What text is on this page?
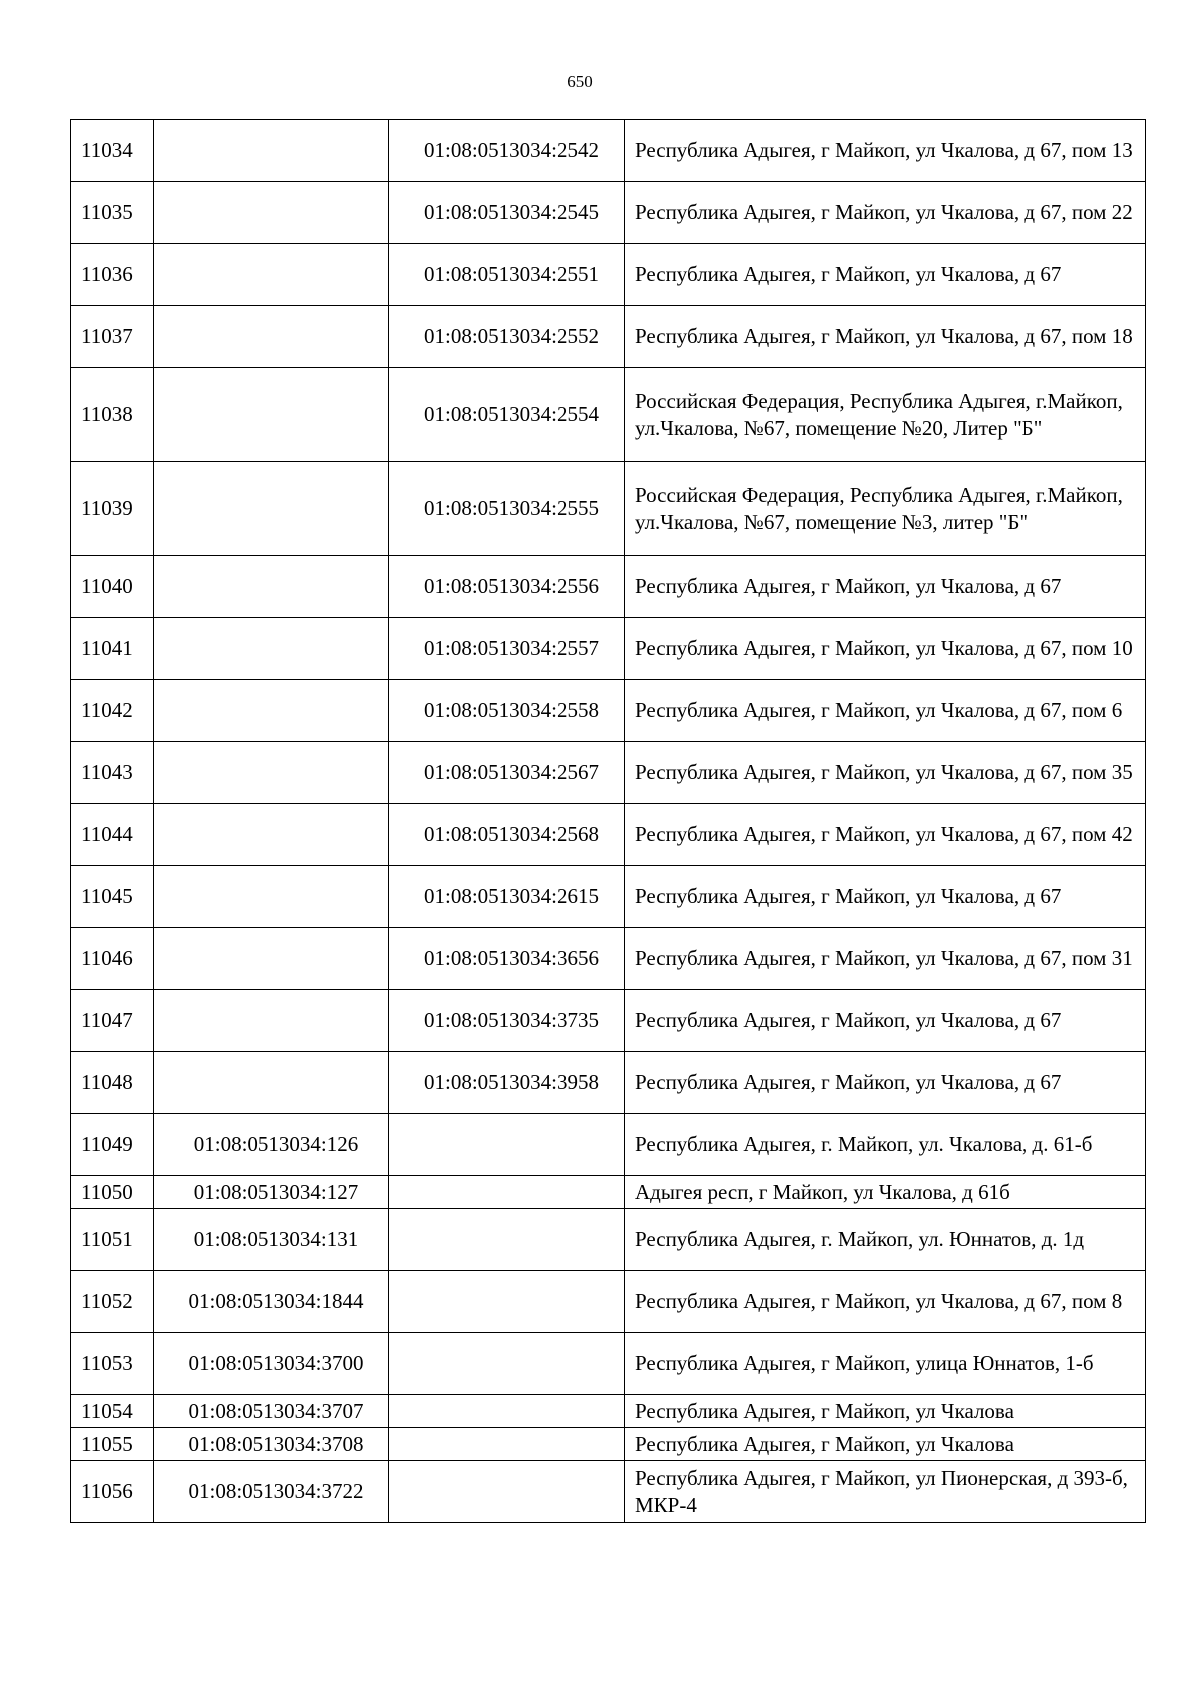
650
11034		01:08:0513034:2542	Республика Адыгея, г Майкоп, ул Чкалова, д 67, пом 13
11035		01:08:0513034:2545	Республика Адыгея, г Майкоп, ул Чкалова, д 67, пом 22
11036		01:08:0513034:2551	Республика Адыгея, г Майкоп, ул Чкалова, д 67
11037		01:08:0513034:2552	Республика Адыгея, г Майкоп, ул Чкалова, д 67, пом 18
11038		01:08:0513034:2554	Российская Федерация, Республика Адыгея, г.Майкоп, ул.Чкалова, №67, помещение №20, Литер "Б"
11039		01:08:0513034:2555	Российская Федерация, Республика Адыгея, г.Майкоп, ул.Чкалова, №67, помещение №3, литер "Б"
11040		01:08:0513034:2556	Республика Адыгея, г Майкоп, ул Чкалова, д 67
11041		01:08:0513034:2557	Республика Адыгея, г Майкоп, ул Чкалова, д 67, пом 10
11042		01:08:0513034:2558	Республика Адыгея, г Майкоп, ул Чкалова, д 67, пом 6
11043		01:08:0513034:2567	Республика Адыгея, г Майкоп, ул Чкалова, д 67, пом 35
11044		01:08:0513034:2568	Республика Адыгея, г Майкоп, ул Чкалова, д 67, пом 42
11045		01:08:0513034:2615	Республика Адыгея, г Майкоп, ул Чкалова, д 67
11046		01:08:0513034:3656	Республика Адыгея, г Майкоп, ул Чкалова, д 67, пом 31
11047		01:08:0513034:3735	Республика Адыгея, г Майкоп, ул Чкалова, д 67
11048		01:08:0513034:3958	Республика Адыгея, г Майкоп, ул Чкалова, д 67
11049	01:08:0513034:126		Республика Адыгея, г. Майкоп, ул. Чкалова, д. 61-б
11050	01:08:0513034:127		Адыгея респ, г Майкоп, ул Чкалова, д 61б
11051	01:08:0513034:131		Республика Адыгея, г. Майкоп, ул. Юннатов, д. 1д
11052	01:08:0513034:1844		Республика Адыгея, г Майкоп, ул Чкалова, д 67, пом 8
11053	01:08:0513034:3700		Республика Адыгея, г Майкоп, улица Юннатов, 1-б
11054	01:08:0513034:3707		Республика Адыгея, г Майкоп, ул Чкалова
11055	01:08:0513034:3708		Республика Адыгея, г Майкоп, ул Чкалова
11056	01:08:0513034:3722		Республика Адыгея, г Майкоп, ул Пионерская, д 393-б, МКР-4
